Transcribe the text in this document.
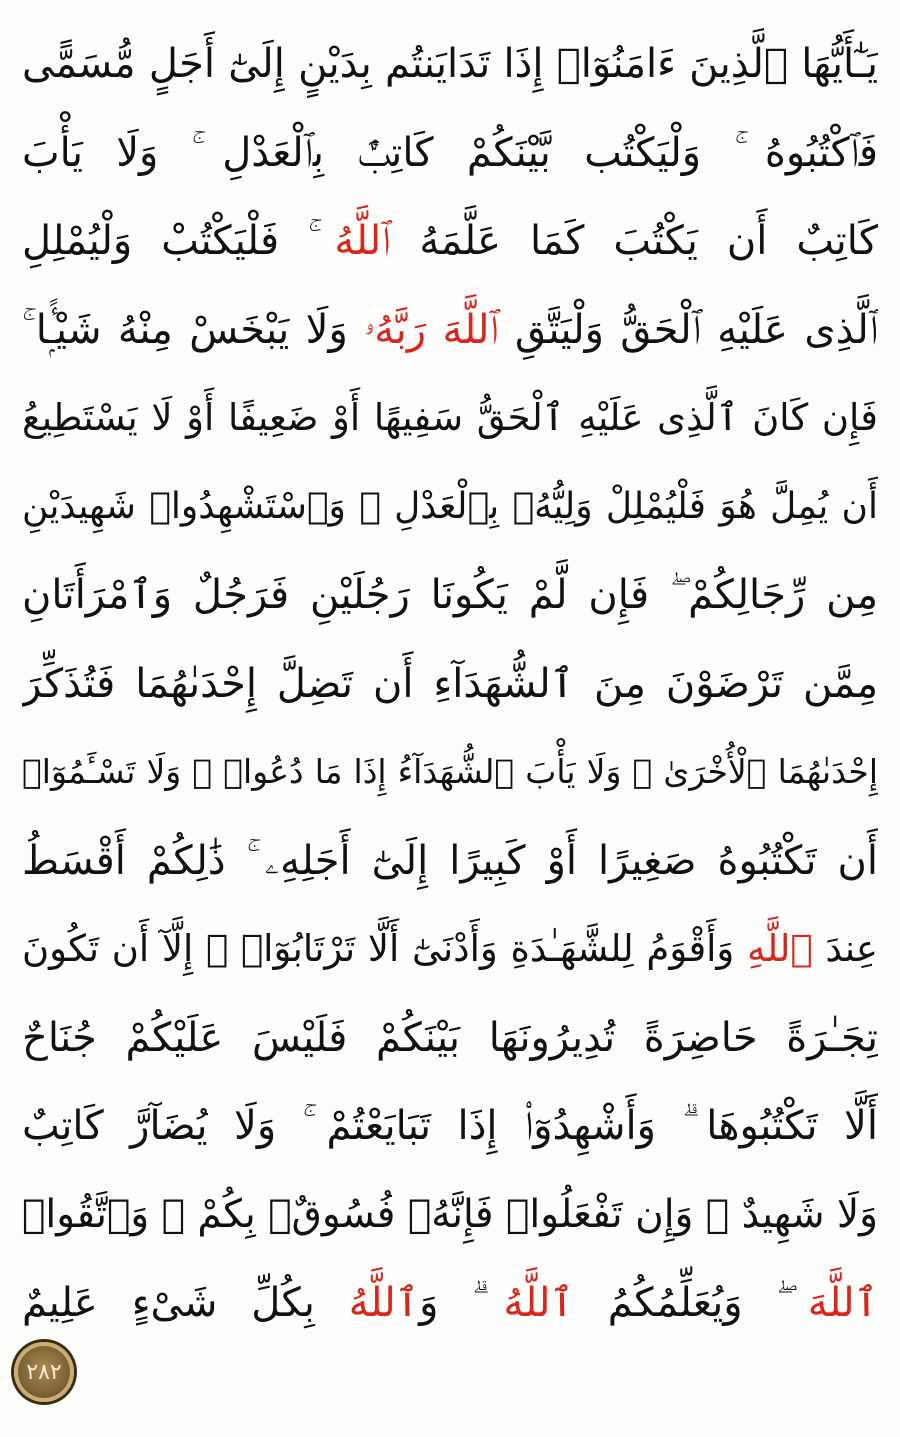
يَـٰٓأَيُّهَا ٱلَّذِينَ ءَامَنُوٓا۟ إِذَا تَدَايَنتُم بِدَيْنٍ إِلَىٰٓ أَجَلٍ مُّسَمًّى
فَٱكْتُبُوهُ ۚ وَلْيَكْتُب بَّيْنَكُمْ كَاتِبٌۢ بِٱلْعَدْلِ ۚ وَلَا يَأْبَ
كَاتِبٌ أَن يَكْتُبَ كَمَا عَلَّمَهُ ٱللَّهُ ۚ فَلْيَكْتُبْ وَلْيُمْلِلِ
ٱلَّذِى عَلَيْهِ ٱلْحَقُّ وَلْيَتَّقِ ٱللَّهَ رَبَّهُۥ وَلَا يَبْخَسْ مِنْهُ شَيْـًۭٔا ۚ
فَإِن كَانَ ٱلَّذِى عَلَيْهِ ٱلْحَقُّ سَفِيهًا أَوْ ضَعِيفًا أَوْ لَا يَسْتَطِيعُ
أَن يُمِلَّ هُوَ فَلْيُمْلِلْ وَلِيُّهُۥ بِٱلْعَدْلِ ۚ وَٱسْتَشْهِدُوا۟ شَهِيدَيْنِ
مِن رِّجَالِكُمْ ۖ فَإِن لَّمْ يَكُونَا رَجُلَيْنِ فَرَجُلٌ وَٱمْرَأَتَانِ
مِمَّن تَرْضَوْنَ مِنَ ٱلشُّهَدَآءِ أَن تَضِلَّ إِحْدَىٰهُمَا فَتُذَكِّرَ
إِحْدَىٰهُمَا ٱلْأُخْرَىٰ ۚ وَلَا يَأْبَ ٱلشُّهَدَآءُ إِذَا مَا دُعُوا۟ ۚ وَلَا تَسْـَٔمُوٓا۟
أَن تَكْتُبُوهُ صَغِيرًا أَوْ كَبِيرًا إِلَىٰٓ أَجَلِهِۦ ۚ ذَٰلِكُمْ أَقْسَطُ
عِندَ ٱللَّهِ وَأَقْوَمُ لِلشَّهَـٰدَةِ وَأَدْنَىٰٓ أَلَّا تَرْتَابُوٓا۟ ۖ إِلَّآ أَن تَكُونَ
تِجَـٰرَةً حَاضِرَةً تُدِيرُونَهَا بَيْنَكُمْ فَلَيْسَ عَلَيْكُمْ جُنَاحٌ
أَلَّا تَكْتُبُوهَا ۗ وَأَشْهِدُوٓا۟ إِذَا تَبَايَعْتُمْ ۚ وَلَا يُضَآرَّ كَاتِبٌ
وَلَا شَهِيدٌ ۚ وَإِن تَفْعَلُوا۟ فَإِنَّهُۥ فُسُوقٌۢ بِكُمْ ۗ وَٱتَّقُوا۟
ٱللَّهَ ۖ وَيُعَلِّمُكُمُ ٱللَّهُ ۗ وَٱللَّهُ بِكُلِّ شَىْءٍ عَلِيمٌ
٢٨٢
